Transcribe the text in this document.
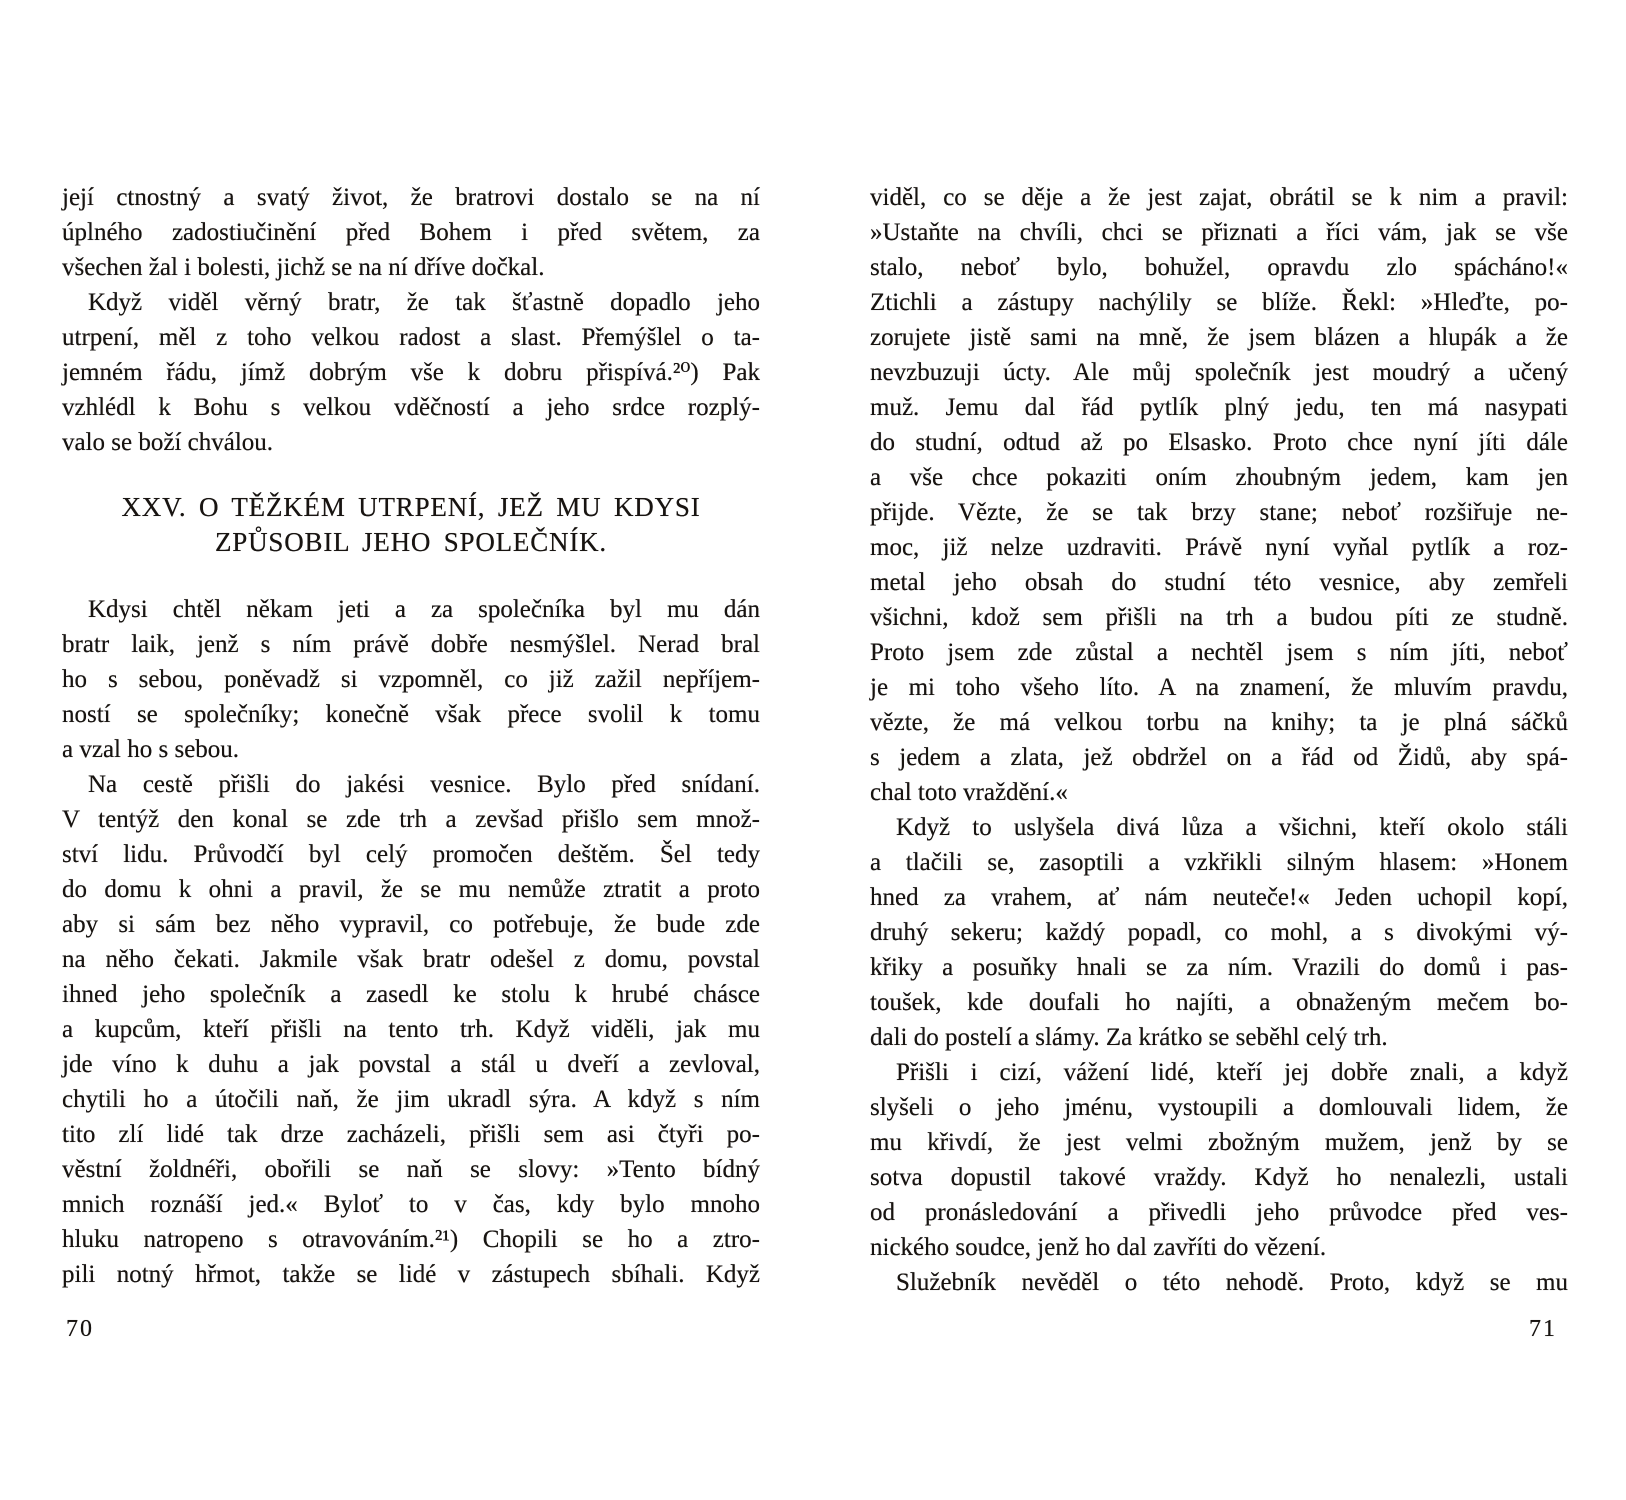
její ctnostný a svatý život, že bratrovi dostalo se na ní
úplného zadostiučinění před Bohem i před světem, za
všechen žal i bolesti, jichž se na ní dříve dočkal.
Když viděl věrný bratr, že tak šťastně dopadlo jeho
utrpení, měl z toho velkou radost a slast. Přemýšlel o ta-
jemném řádu, jímž dobrým vše k dobru přispívá.²⁰) Pak
vzhlédl k Bohu s velkou vděčností a jeho srdce rozplý-
valo se boží chválou.
XXV. O TĚŽKÉM UTRPENÍ, JEŽ MU KDYSI
ZPŮSOBIL JEHO SPOLEČNÍK.
Kdysi chtěl někam jeti a za společníka byl mu dán
bratr laik, jenž s ním právě dobře nesmýšlel. Nerad bral
ho s sebou, poněvadž si vzpomněl, co již zažil nepříjem-
ností se společníky; konečně však přece svolil k tomu
a vzal ho s sebou.
Na cestě přišli do jakési vesnice. Bylo před snídaní.
V tentýž den konal se zde trh a zevšad přišlo sem množ-
ství lidu. Průvodčí byl celý promočen deštěm. Šel tedy
do domu k ohni a pravil, že se mu nemůže ztratit a proto
aby si sám bez něho vypravil, co potřebuje, že bude zde
na něho čekati. Jakmile však bratr odešel z domu, povstal
ihned jeho společník a zasedl ke stolu k hrubé chásce
a kupcům, kteří přišli na tento trh. Když viděli, jak mu
jde víno k duhu a jak povstal a stál u dveří a zevloval,
chytili ho a útočili naň, že jim ukradl sýra. A když s ním
tito zlí lidé tak drze zacházeli, přišli sem asi čtyři po-
věstní žoldnéři, obořili se naň se slovy: »Tento bídný
mnich roznáší jed.« Byloť to v čas, kdy bylo mnoho
hluku natropeno s otravováním.²¹) Chopili se ho a ztro-
pili notný hřmot, takže se lidé v zástupech sbíhali. Když
viděl, co se děje a že jest zajat, obrátil se k nim a pravil:
»Ustaňte na chvíli, chci se přiznati a říci vám, jak se vše
stalo, neboť bylo, bohužel, opravdu zlo spácháno!«
Ztichli a zástupy nachýlily se blíže. Řekl: »Hleďte, po-
zorujete jistě sami na mně, že jsem blázen a hlupák a že
nevzbuzuji úcty. Ale můj společník jest moudrý a učený
muž. Jemu dal řád pytlík plný jedu, ten má nasypati
do studní, odtud až po Elsasko. Proto chce nyní jíti dále
a vše chce pokaziti oním zhoubným jedem, kam jen
přijde. Vězte, že se tak brzy stane; neboť rozšiřuje ne-
moc, již nelze uzdraviti. Právě nyní vyňal pytlík a roz-
metal jeho obsah do studní této vesnice, aby zemřeli
všichni, kdož sem přišli na trh a budou píti ze studně.
Proto jsem zde zůstal a nechtěl jsem s ním jíti, neboť
je mi toho všeho líto. A na znamení, že mluvím pravdu,
vězte, že má velkou torbu na knihy; ta je plná sáčků
s jedem a zlata, jež obdržel on a řád od Židů, aby spá-
chal toto vraždění.«
Když to uslyšela divá lůza a všichni, kteří okolo stáli
a tlačili se, zasoptili a vzkřikli silným hlasem: »Honem
hned za vrahem, ať nám neuteče!« Jeden uchopil kopí,
druhý sekeru; každý popadl, co mohl, a s divokými vý-
křiky a posuňky hnali se za ním. Vrazili do domů i pas-
toušek, kde doufali ho najíti, a obnaženým mečem bo-
dali do postelí a slámy. Za krátko se seběhl celý trh.
Přišli i cizí, vážení lidé, kteří jej dobře znali, a když
slyšeli o jeho jménu, vystoupili a domlouvali lidem, že
mu křivdí, že jest velmi zbožným mužem, jenž by se
sotva dopustil takové vraždy. Když ho nenalezli, ustali
od pronásledování a přivedli jeho průvodce před ves-
nického soudce, jenž ho dal zavříti do vězení.
Služebník nevěděl o této nehodě. Proto, když se mu
70	71
